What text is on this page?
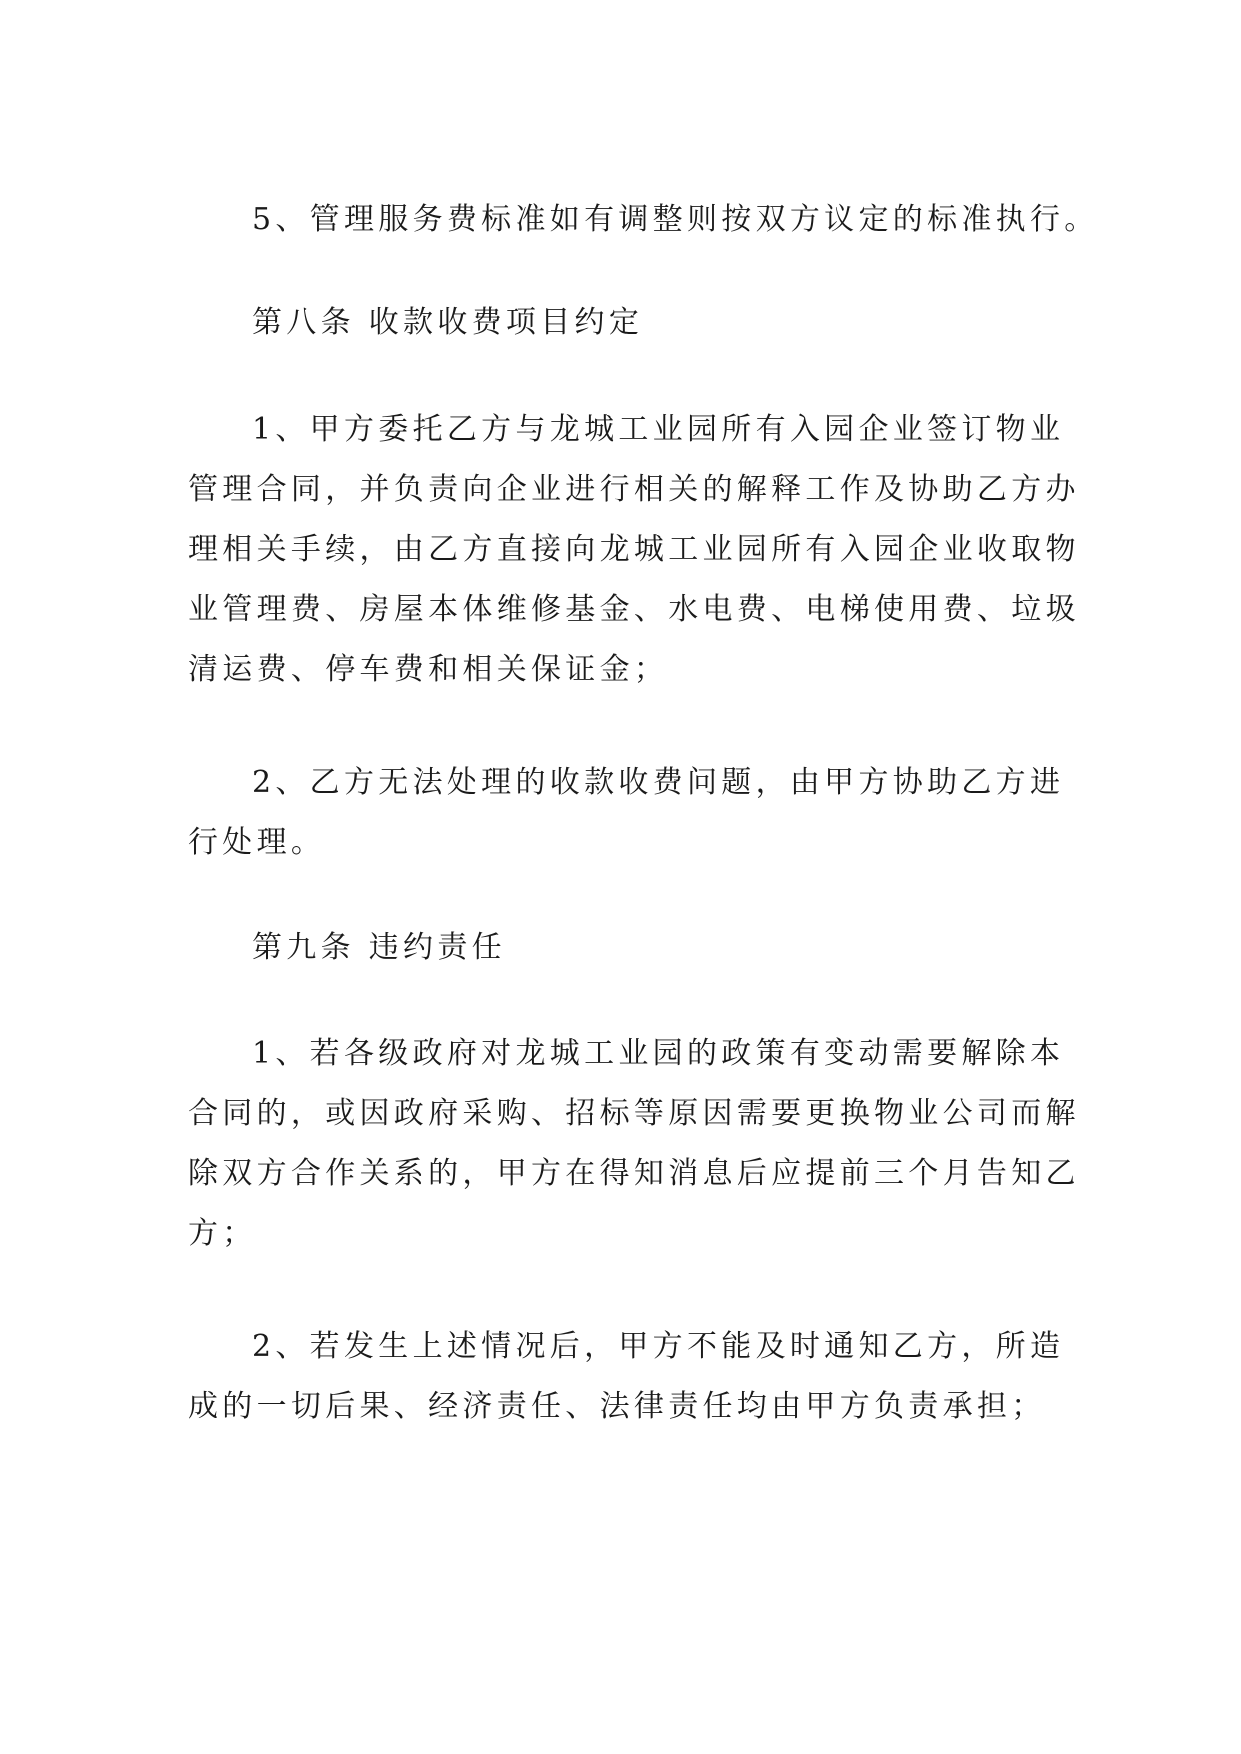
5、管理服务费标准如有调整则按双方议定的标准执行。
第八条 收款收费项目约定
1、甲方委托乙方与龙城工业园所有入园企业签订物业
管理合同，并负责向企业进行相关的解释工作及协助乙方办
理相关手续，由乙方直接向龙城工业园所有入园企业收取物
业管理费、房屋本体维修基金、水电费、电梯使用费、垃圾
清运费、停车费和相关保证金；
2、乙方无法处理的收款收费问题，由甲方协助乙方进
行处理。
第九条 违约责任
1、若各级政府对龙城工业园的政策有变动需要解除本
合同的，或因政府采购、招标等原因需要更换物业公司而解
除双方合作关系的，甲方在得知消息后应提前三个月告知乙
方；
2、若发生上述情况后，甲方不能及时通知乙方，所造
成的一切后果、经济责任、法律责任均由甲方负责承担；
